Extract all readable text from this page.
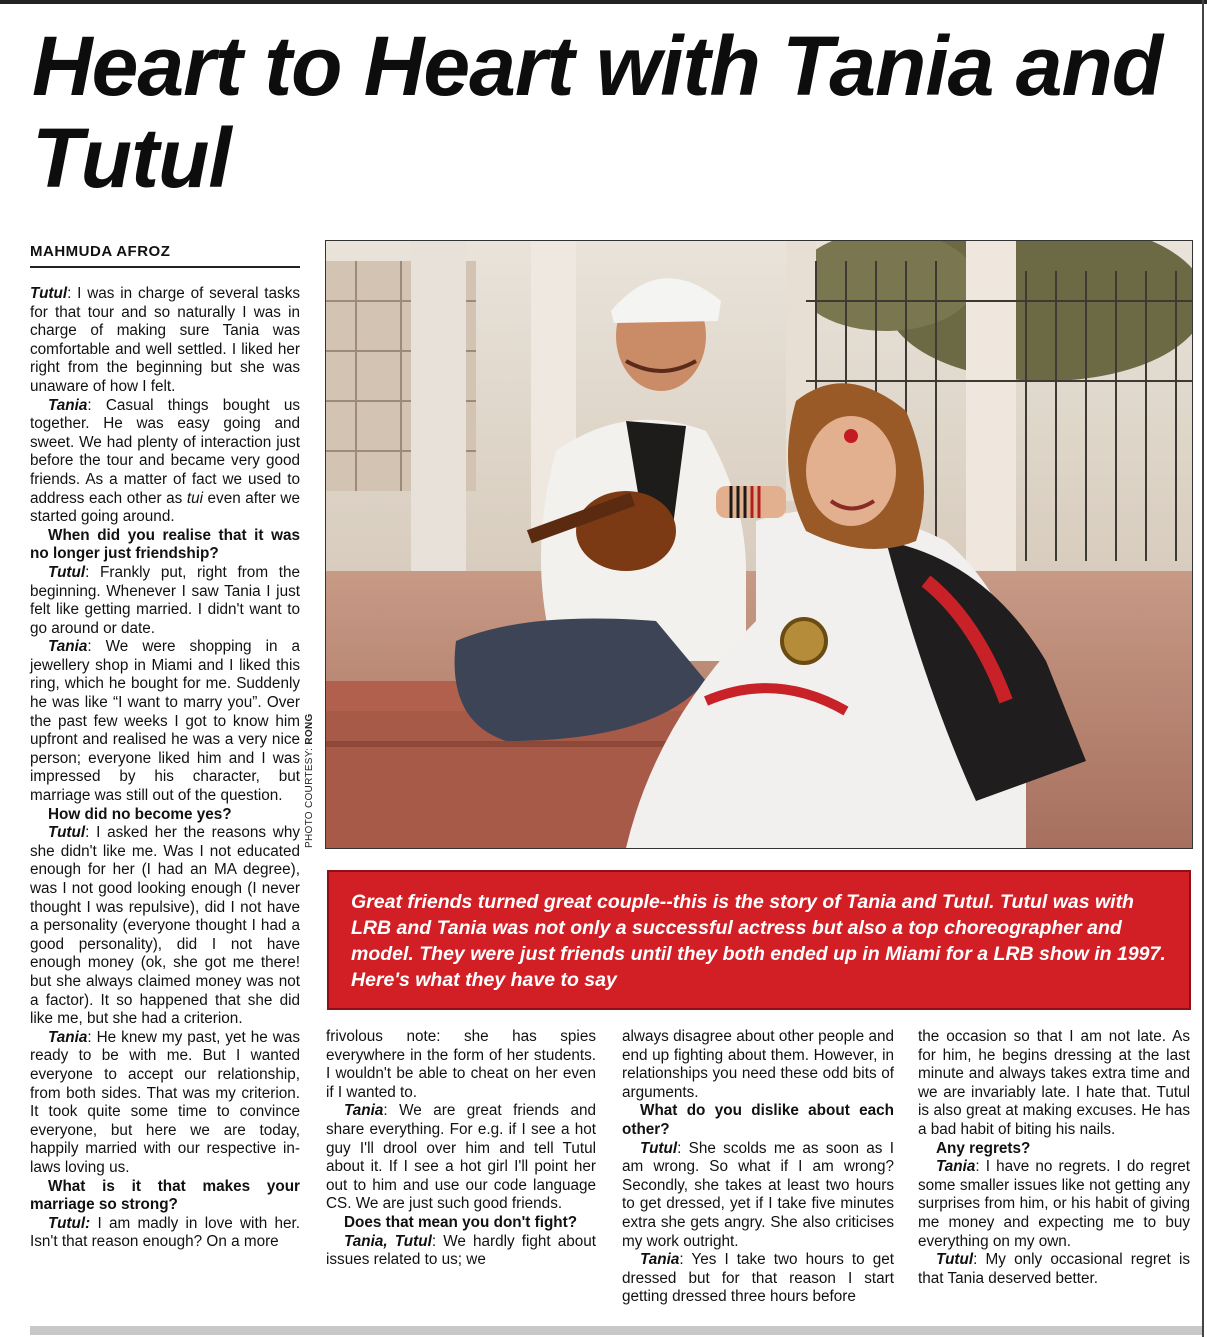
Heart to Heart with Tania and Tutul
MAHMUDA AFROZ

Tutul: I was in charge of several tasks for that tour and so naturally I was in charge of making sure Tania was comfortable and well settled. I liked her right from the beginning but she was unaware of how I felt.

Tania: Casual things bought us together. He was easy going and sweet. We had plenty of interaction just before the tour and became very good friends. As a matter of fact we used to address each other as tui even after we started going around.

When did you realise that it was no longer just friendship?

Tutul: Frankly put, right from the beginning. Whenever I saw Tania I just felt like getting married. I didn't want to go around or date.

Tania: We were shopping in a jewellery shop in Miami and I liked this ring, which he bought for me. Suddenly he was like “I want to marry you”. Over the past few weeks I got to know him upfront and realised he was a very nice person; everyone liked him and I was impressed by his character, but marriage was still out of the question.

How did no become yes?

Tutul: I asked her the reasons why she didn't like me. Was I not educated enough for her (I had an MA degree), was I not good looking enough (I never thought I was repulsive), did I not have a personality (everyone thought I had a good personality), did I not have enough money (ok, she got me there! but she always claimed money was not a factor). It so happened that she did like me, but she had a criterion.

Tania: He knew my past, yet he was ready to be with me. But I wanted everyone to accept our relationship, from both sides. That was my criterion. It took quite some time to convince everyone, but here we are today, happily married with our respective in-laws loving us.

What is it that makes your marriage so strong?

Tutul: I am madly in love with her. Isn't that reason enough? On a more

PHOTO COURTESY: RONG
Great friends turned great couple--this is the story of Tania and Tutul. Tutul was with LRB and Tania was not only a successful actress but also a top choreographer and model. They were just friends until they both ended up in Miami for a LRB show in 1997. Here's what they have to say

frivolous note: she has spies everywhere in the form of her students. I wouldn't be able to cheat on her even if I wanted to.

Tania: We are great friends and share everything. For e.g. if I see a hot guy I'll drool over him and tell Tutul about it. If I see a hot girl I'll point her out to him and use our code language CS. We are just such good friends.

Does that mean you don't fight?

Tania, Tutul: We hardly fight about issues related to us; we

always disagree about other people and end up fighting about them. However, in relationships you need these odd bits of arguments.

What do you dislike about each other?

Tutul: She scolds me as soon as I am wrong. So what if I am wrong? Secondly, she takes at least two hours to get dressed, yet if I take five minutes extra she gets angry. She also criticises my work outright.

Tania: Yes I take two hours to get dressed but for that reason I start getting dressed three hours before

the occasion so that I am not late. As for him, he begins dressing at the last minute and always takes extra time and we are invariably late. I hate that. Tutul is also great at making excuses. He has a bad habit of biting his nails.

Any regrets?

Tania: I have no regrets. I do regret some smaller issues like not getting any surprises from him, or his habit of giving me money and expecting me to buy everything on my own.

Tutul: My only occasional regret is that Tania deserved better.
